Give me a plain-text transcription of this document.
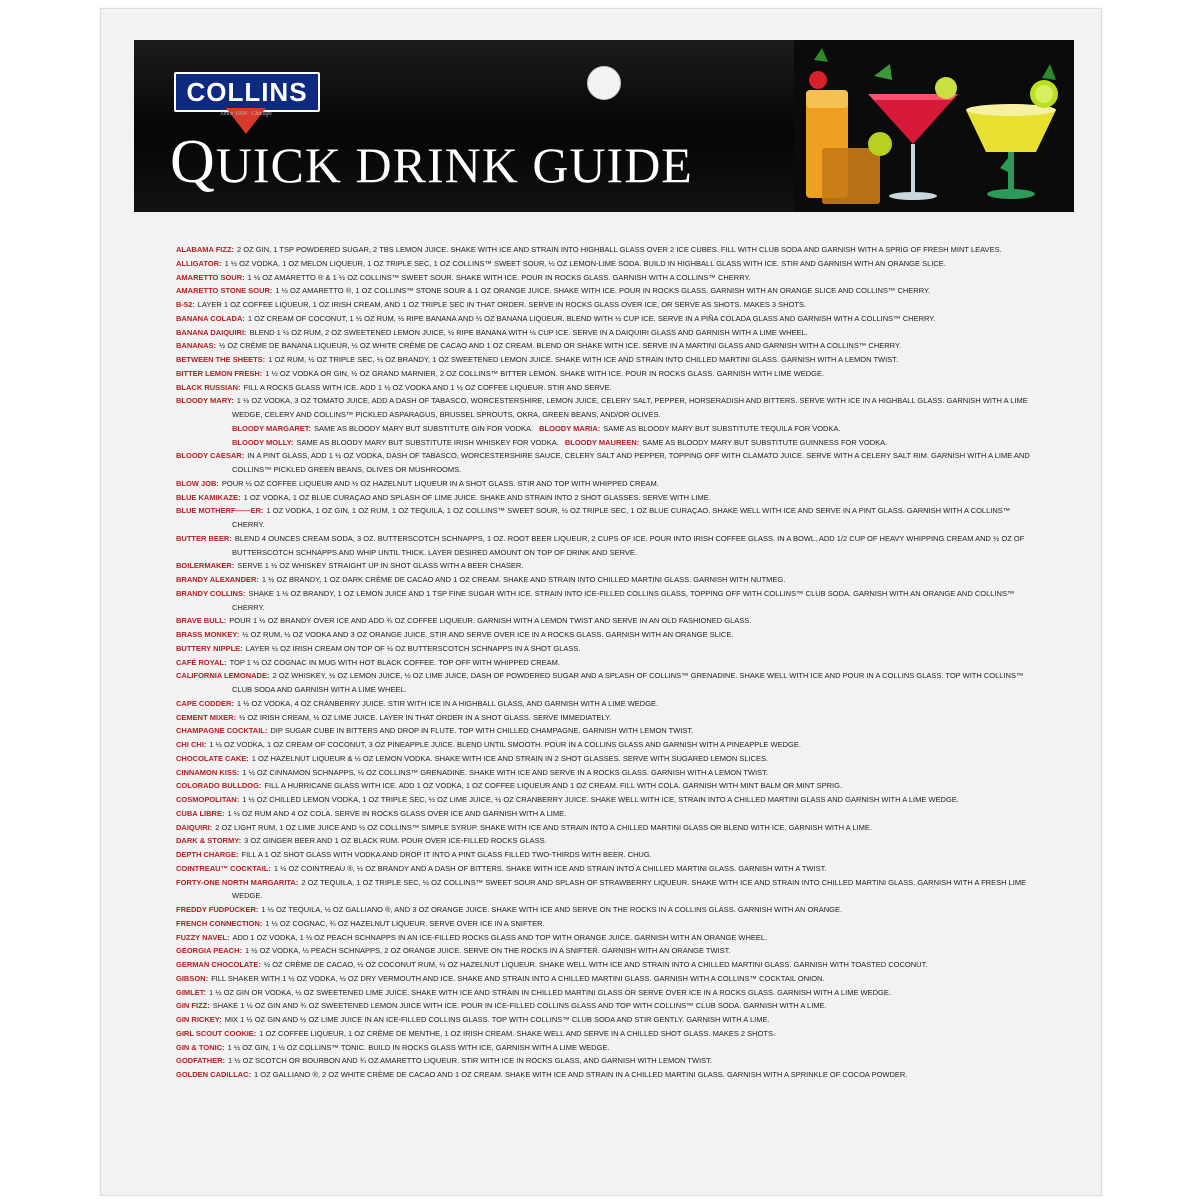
COLLINS
Since 1934 · Chicago
QUICK DRINK GUIDE

ALABAMA FIZZ: 2 OZ GIN, 1 TSP POWDERED SUGAR, 2 TBS LEMON JUICE. SHAKE WITH ICE AND STRAIN INTO HIGHBALL GLASS OVER 2 ICE CUBES. FILL WITH CLUB SODA AND GARNISH WITH A SPRIG OF FRESH MINT LEAVES.

ALLIGATOR: 1 ½ OZ VODKA, 1 OZ MELON LIQUEUR, 1 OZ TRIPLE SEC, 1 OZ COLLINS™ SWEET SOUR, ½ OZ LEMON-LIME SODA. BUILD IN HIGHBALL GLASS WITH ICE. STIR AND GARNISH WITH AN ORANGE SLICE.

AMARETTO SOUR: 1 ½ OZ AMARETTO ® & 1 ½ OZ COLLINS™ SWEET SOUR. SHAKE WITH ICE. POUR IN ROCKS GLASS. GARNISH WITH A COLLINS™ CHERRY.

AMARETTO STONE SOUR: 1 ½ OZ AMARETTO ®, 1 OZ COLLINS™ STONE SOUR & 1 OZ ORANGE JUICE. SHAKE WITH ICE. POUR IN ROCKS GLASS. GARNISH WITH AN ORANGE SLICE AND COLLINS™ CHERRY.

B-52: LAYER 1 OZ COFFEE LIQUEUR, 1 OZ IRISH CREAM, AND 1 OZ TRIPLE SEC IN THAT ORDER. SERVE IN ROCKS GLASS OVER ICE, OR SERVE AS SHOTS. MAKES 3 SHOTS.

BANANA COLADA: 1 OZ CREAM OF COCONUT, 1 ½ OZ RUM, ½ RIPE BANANA AND ½ OZ BANANA LIQUEUR. BLEND WITH ½ CUP ICE. SERVE IN A PIÑA COLADA GLASS AND GARNISH WITH A COLLINS™ CHERRY.

BANANA DAIQUIRI: BLEND 1 ½ OZ RUM, 2 OZ SWEETENED LEMON JUICE, ½ RIPE BANANA WITH ½ CUP ICE. SERVE IN A DAIQUIRI GLASS AND GARNISH WITH A LIME WHEEL.

BANANAS: ½ OZ CRÈME DE BANANA LIQUEUR, ½ OZ WHITE CRÈME DE CACAO AND 1 OZ CREAM. BLEND OR SHAKE WITH ICE. SERVE IN A MARTINI GLASS AND GARNISH WITH A COLLINS™ CHERRY.

BETWEEN THE SHEETS: 1 OZ RUM, ½ OZ TRIPLE SEC, ½ OZ BRANDY, 1 OZ SWEETENED LEMON JUICE. SHAKE WITH ICE AND STRAIN INTO CHILLED MARTINI GLASS. GARNISH WITH A LEMON TWIST.

BITTER LEMON FRESH: 1 ½ OZ VODKA OR GIN, ½ OZ GRAND MARNIER, 2 OZ COLLINS™ BITTER LEMON. SHAKE WITH ICE. POUR IN ROCKS GLASS. GARNISH WITH LIME WEDGE.

BLACK RUSSIAN: FILL A ROCKS GLASS WITH ICE. ADD 1 ½ OZ VODKA AND 1 ½ OZ COFFEE LIQUEUR. STIR AND SERVE.

BLOODY MARY: 1 ½ OZ VODKA, 3 OZ TOMATO JUICE, ADD A DASH OF TABASCO, WORCESTERSHIRE, LEMON JUICE, CELERY SALT, PEPPER, HORSERADISH AND BITTERS. SERVE WITH ICE IN A HIGHBALL GLASS. GARNISH WITH A LIME WEDGE, CELERY AND COLLINS™ PICKLED ASPARAGUS, BRUSSEL SPROUTS, OKRA, GREEN BEANS, AND/OR OLIVES.

BLOODY MARGARET: SAME AS BLOODY MARY BUT SUBSTITUTE GIN FOR VODKA. BLOODY MARIA: SAME AS BLOODY MARY BUT SUBSTITUTE TEQUILA FOR VODKA.

BLOODY MOLLY: SAME AS BLOODY MARY BUT SUBSTITUTE IRISH WHISKEY FOR VODKA. BLOODY MAUREEN: SAME AS BLOODY MARY BUT SUBSTITUTE GUINNESS FOR VODKA.

BLOODY CAESAR: IN A PINT GLASS, ADD 1 ½ OZ VODKA, DASH OF TABASCO, WORCESTERSHIRE SAUCE, CELERY SALT AND PEPPER, TOPPING OFF WITH CLAMATO JUICE. SERVE WITH A CELERY SALT RIM. GARNISH WITH A LIME AND COLLINS™ PICKLED GREEN BEANS, OLIVES OR MUSHROOMS.

BLOW JOB: POUR ½ OZ COFFEE LIQUEUR AND ½ OZ HAZELNUT LIQUEUR IN A SHOT GLASS. STIR AND TOP WITH WHIPPED CREAM.

BLUE KAMIKAZE: 1 OZ VODKA, 1 OZ BLUE CURAÇAO AND SPLASH OF LIME JUICE. SHAKE AND STRAIN INTO 2 SHOT GLASSES. SERVE WITH LIME.

BLUE MOTHERF——ER: 1 OZ VODKA, 1 OZ GIN, 1 OZ RUM, 1 OZ TEQUILA, 1 OZ COLLINS™ SWEET SOUR, ½ OZ TRIPLE SEC, 1 OZ BLUE CURAÇAO. SHAKE WELL WITH ICE AND SERVE IN A PINT GLASS. GARNISH WITH A COLLINS™ CHERRY.

BUTTER BEER: BLEND 4 OUNCES CREAM SODA, 3 OZ. BUTTERSCOTCH SCHNAPPS, 1 OZ. ROOT BEER LIQUEUR, 2 CUPS OF ICE. POUR INTO IRISH COFFEE GLASS. IN A BOWL, ADD 1/2 CUP OF HEAVY WHIPPING CREAM AND ½ OZ OF BUTTERSCOTCH SCHNAPPS AND WHIP UNTIL THICK. LAYER DESIRED AMOUNT ON TOP OF DRINK AND SERVE.

BOILERMAKER: SERVE 1 ½ OZ WHISKEY STRAIGHT UP IN SHOT GLASS WITH A BEER CHASER.

BRANDY ALEXANDER: 1 ½ OZ BRANDY, 1 OZ DARK CRÈME DE CACAO AND 1 OZ CREAM. SHAKE AND STRAIN INTO CHILLED MARTINI GLASS. GARNISH WITH NUTMEG.

BRANDY COLLINS: SHAKE 1 ½ OZ BRANDY, 1 OZ LEMON JUICE AND 1 TSP FINE SUGAR WITH ICE. STRAIN INTO ICE-FILLED COLLINS GLASS, TOPPING OFF WITH COLLINS™ CLUB SODA. GARNISH WITH AN ORANGE AND COLLINS™ CHERRY.

BRAVE BULL: POUR 1 ½ OZ BRANDY OVER ICE AND ADD ¾ OZ COFFEE LIQUEUR. GARNISH WITH A LEMON TWIST AND SERVE IN AN OLD FASHIONED GLASS.

BRASS MONKEY: ½ OZ RUM, ½ OZ VODKA AND 3 OZ ORANGE JUICE. STIR AND SERVE OVER ICE IN A ROCKS GLASS. GARNISH WITH AN ORANGE SLICE.

BUTTERY NIPPLE: LAYER ½ OZ IRISH CREAM ON TOP OF ½ OZ BUTTERSCOTCH SCHNAPPS IN A SHOT GLASS.

CAFÉ ROYAL: TOP 1 ½ OZ COGNAC IN MUG WITH HOT BLACK COFFEE. TOP OFF WITH WHIPPED CREAM.

CALIFORNIA LEMONADE: 2 OZ WHISKEY, ½ OZ LEMON JUICE, ½ OZ LIME JUICE, DASH OF POWDERED SUGAR AND A SPLASH OF COLLINS™ GRENADINE. SHAKE WELL WITH ICE AND POUR IN A COLLINS GLASS. TOP WITH COLLINS™ CLUB SODA AND GARNISH WITH A LIME WHEEL.

CAPE CODDER: 1 ½ OZ VODKA, 4 OZ CRANBERRY JUICE. STIR WITH ICE IN A HIGHBALL GLASS, AND GARNISH WITH A LIME WEDGE.

CEMENT MIXER: ½ OZ IRISH CREAM, ½ OZ LIME JUICE. LAYER IN THAT ORDER IN A SHOT GLASS. SERVE IMMEDIATELY.

CHAMPAGNE COCKTAIL: DIP SUGAR CUBE IN BITTERS AND DROP IN FLUTE. TOP WITH CHILLED CHAMPAGNE. GARNISH WITH LEMON TWIST.

CHI CHI: 1 ½ OZ VODKA, 1 OZ CREAM OF COCONUT, 3 OZ PINEAPPLE JUICE. BLEND UNTIL SMOOTH. POUR IN A COLLINS GLASS AND GARNISH WITH A PINEAPPLE WEDGE.

CHOCOLATE CAKE: 1 OZ HAZELNUT LIQUEUR & ½ OZ LEMON VODKA. SHAKE WITH ICE AND STRAIN IN 2 SHOT GLASSES. SERVE WITH SUGARED LEMON SLICES.

CINNAMON KISS: 1 ½ OZ CINNAMON SCHNAPPS, ½ OZ COLLINS™ GRENADINE. SHAKE WITH ICE AND SERVE IN A ROCKS GLASS. GARNISH WITH A LEMON TWIST.

COLORADO BULLDOG: FILL A HURRICANE GLASS WITH ICE. ADD 1 OZ VODKA, 1 OZ COFFEE LIQUEUR AND 1 OZ CREAM. FILL WITH COLA. GARNISH WITH MINT BALM OR MINT SPRIG.

COSMOPOLITAN: 1 ½ OZ CHILLED LEMON VODKA, 1 OZ TRIPLE SEC, ½ OZ LIME JUICE, ½ OZ CRANBERRY JUICE. SHAKE WELL WITH ICE, STRAIN INTO A CHILLED MARTINI GLASS AND GARNISH WITH A LIME WEDGE.

CUBA LIBRE: 1 ½ OZ RUM AND 4 OZ COLA. SERVE IN ROCKS GLASS OVER ICE AND GARNISH WITH A LIME.

DAIQUIRI: 2 OZ LIGHT RUM, 1 OZ LIME JUICE AND ½ OZ COLLINS™ SIMPLE SYRUP. SHAKE WITH ICE AND STRAIN INTO A CHILLED MARTINI GLASS OR BLEND WITH ICE. GARNISH WITH A LIME.

DARK & STORMY: 3 OZ GINGER BEER AND 1 OZ BLACK RUM. POUR OVER ICE-FILLED ROCKS GLASS.

DEPTH CHARGE: FILL A 1 OZ SHOT GLASS WITH VODKA AND DROP IT INTO A PINT GLASS FILLED TWO-THIRDS WITH BEER. CHUG.

COINTREAU™ COCKTAIL: 1 ½ OZ COINTREAU ®, ½ OZ BRANDY AND A DASH OF BITTERS. SHAKE WITH ICE AND STRAIN INTO A CHILLED MARTINI GLASS. GARNISH WITH A TWIST.

FORTY-ONE NORTH MARGARITA: 2 OZ TEQUILA, 1 OZ TRIPLE SEC, ½ OZ COLLINS™ SWEET SOUR AND SPLASH OF STRAWBERRY LIQUEUR. SHAKE WITH ICE AND STRAIN INTO CHILLED MARTINI GLASS. GARNISH WITH A FRESH LIME WEDGE.

FREDDY FUDPUCKER: 1 ½ OZ TEQUILA, ½ OZ GALLIANO ®, AND 3 OZ ORANGE JUICE. SHAKE WITH ICE AND SERVE ON THE ROCKS IN A COLLINS GLASS. GARNISH WITH AN ORANGE.

FRENCH CONNECTION: 1 ½ OZ COGNAC, ¾ OZ HAZELNUT LIQUEUR. SERVE OVER ICE IN A SNIFTER.

FUZZY NAVEL: ADD 1 OZ VODKA, 1 ½ OZ PEACH SCHNAPPS IN AN ICE-FILLED ROCKS GLASS AND TOP WITH ORANGE JUICE. GARNISH WITH AN ORANGE WHEEL.

GEORGIA PEACH: 1 ½ OZ VODKA, ½ PEACH SCHNAPPS, 2 OZ ORANGE JUICE. SERVE ON THE ROCKS IN A SNIFTER. GARNISH WITH AN ORANGE TWIST.

GERMAN CHOCOLATE: ½ OZ CRÈME DE CACAO, ½ OZ COCONUT RUM, ½ OZ HAZELNUT LIQUEUR. SHAKE WELL WITH ICE AND STRAIN INTO A CHILLED MARTINI GLASS. GARNISH WITH TOASTED COCONUT.

GIBSON: FILL SHAKER WITH 1 ½ OZ VODKA, ½ OZ DRY VERMOUTH AND ICE. SHAKE AND STRAIN INTO A CHILLED MARTINI GLASS. GARNISH WITH A COLLINS™ COCKTAIL ONION.

GIMLET: 1 ½ OZ GIN OR VODKA, ½ OZ SWEETENED LIME JUICE. SHAKE WITH ICE AND STRAIN IN CHILLED MARTINI GLASS OR SERVE OVER ICE IN A ROCKS GLASS. GARNISH WITH A LIME WEDGE.

GIN FIZZ: SHAKE 1 ½ OZ GIN AND ¾ OZ SWEETENED LEMON JUICE WITH ICE. POUR IN ICE-FILLED COLLINS GLASS AND TOP WITH COLLINS™ CLUB SODA. GARNISH WITH A LIME.

GIN RICKEY: MIX 1 ½ OZ GIN AND ½ OZ LIME JUICE IN AN ICE-FILLED COLLINS GLASS. TOP WITH COLLINS™ CLUB SODA AND STIR GENTLY. GARNISH WITH A LIME.

GIRL SCOUT COOKIE: 1 OZ COFFEE LIQUEUR, 1 OZ CRÈME DE MENTHE, 1 OZ IRISH CREAM. SHAKE WELL AND SERVE IN A CHILLED SHOT GLASS. MAKES 2 SHOTS.

GIN & TONIC: 1 ½ OZ GIN, 1 ½ OZ COLLINS™ TONIC. BUILD IN ROCKS GLASS WITH ICE, GARNISH WITH A LIME WEDGE.

GODFATHER: 1 ½ OZ SCOTCH OR BOURBON AND ¾ OZ AMARETTO LIQUEUR. STIR WITH ICE IN ROCKS GLASS, AND GARNISH WITH LEMON TWIST.

GOLDEN CADILLAC: 1 OZ GALLIANO ®, 2 OZ WHITE CRÈME DE CACAO AND 1 OZ CREAM. SHAKE WITH ICE AND STRAIN IN A CHILLED MARTINI GLASS. GARNISH WITH A SPRINKLE OF COCOA POWDER.
